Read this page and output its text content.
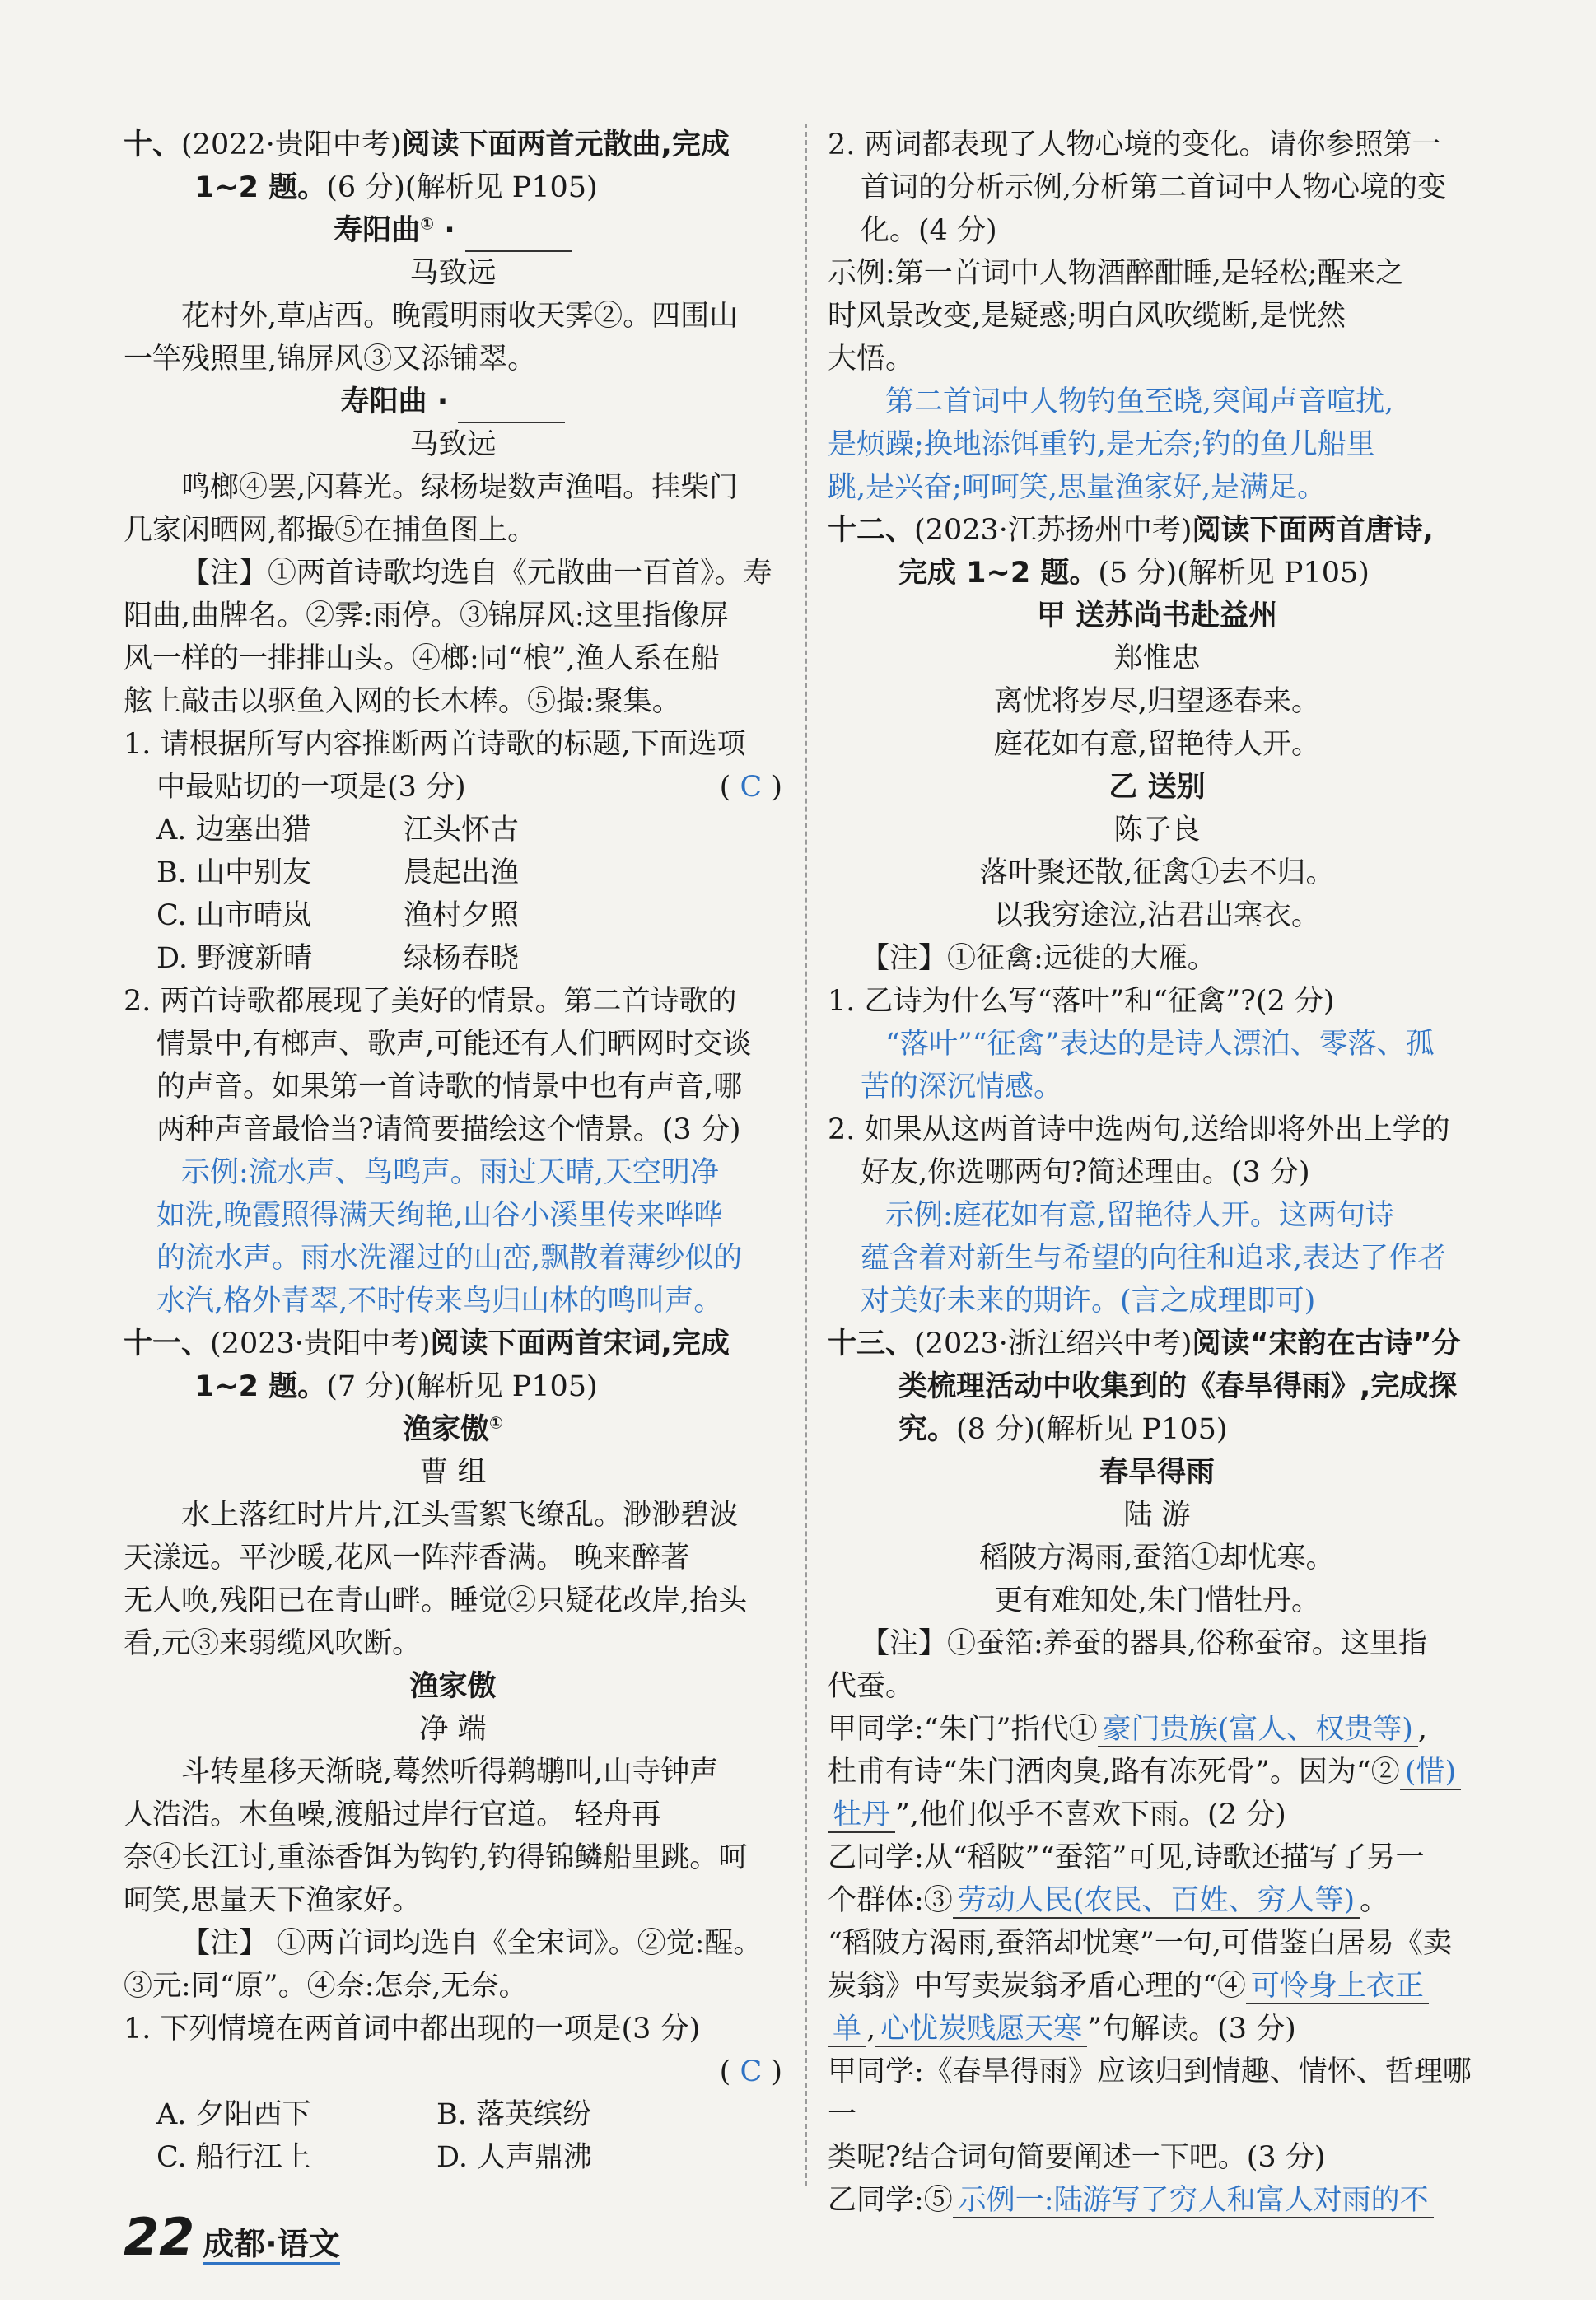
十、(2022·贵阳中考)阅读下面两首元散曲,完成

1~2 题。(6 分)(解析见 P105)

寿阳曲① ·

马致远

花村外,草店西。晚霞明雨收天霁②。四围山

一竿残照里,锦屏风③又添铺翠。

寿阳曲 ·

马致远

鸣榔④罢,闪暮光。绿杨堤数声渔唱。挂柴门

几家闲晒网,都撮⑤在捕鱼图上。

【注】①两首诗歌均选自《元散曲一百首》。寿

阳曲,曲牌名。②霁:雨停。③锦屏风:这里指像屏

风一样的一排排山头。④榔:同“桹”,渔人系在船

舷上敲击以驱鱼入网的长木棒。⑤撮:聚集。

1. 请根据所写内容推断两首诗歌的标题,下面选项

中最贴切的一项是(3 分)	( C )

A. 边塞出猎	江头怀古
B. 山中别友	晨起出渔
C. 山市晴岚	渔村夕照
D. 野渡新晴	绿杨春晓

2. 两首诗歌都展现了美好的情景。第二首诗歌的

情景中,有榔声、歌声,可能还有人们晒网时交谈

的声音。如果第一首诗歌的情景中也有声音,哪

两种声音最恰当?请简要描绘这个情景。(3 分)

示例:流水声、鸟鸣声。雨过天晴,天空明净

如洗,晚霞照得满天绚艳,山谷小溪里传来哗哗

的流水声。雨水洗濯过的山峦,飘散着薄纱似的

水汽,格外青翠,不时传来鸟归山林的鸣叫声。

十一、(2023·贵阳中考)阅读下面两首宋词,完成

1~2 题。(7 分)(解析见 P105)

渔家傲①

曹 组

水上落红时片片,江头雪絮飞缭乱。渺渺碧波

天漾远。平沙暖,花风一阵萍香满。 晚来醉著

无人唤,残阳已在青山畔。睡觉②只疑花改岸,抬头

看,元③来弱缆风吹断。

渔家傲

净 端

斗转星移天渐晓,蓦然听得鹈鹕叫,山寺钟声

人浩浩。木鱼噪,渡船过岸行官道。 轻舟再

奈④长江讨,重添香饵为钩钓,钓得锦鳞船里跳。呵

呵笑,思量天下渔家好。

【注】 ①两首词均选自《全宋词》。②觉:醒。

③元:同“原”。④奈:怎奈,无奈。

1. 下列情境在两首词中都出现的一项是(3 分)

( C )

A. 夕阳西下	B. 落英缤纷
C. 船行江上	D. 人声鼎沸

2. 两词都表现了人物心境的变化。请你参照第一

首词的分析示例,分析第二首词中人物心境的变

化。(4 分)

示例:第一首词中人物酒醉酣睡,是轻松;醒来之

时风景改变,是疑惑;明白风吹缆断,是恍然

大悟。

第二首词中人物钓鱼至晓,突闻声音喧扰,

是烦躁;换地添饵重钓,是无奈;钓的鱼儿船里

跳,是兴奋;呵呵笑,思量渔家好,是满足。

十二、(2023·江苏扬州中考)阅读下面两首唐诗,

完成 1~2 题。(5 分)(解析见 P105)

甲 送苏尚书赴益州

郑惟忠

离忧将岁尽,归望逐春来。

庭花如有意,留艳待人开。

乙 送别

陈子良

落叶聚还散,征禽①去不归。

以我穷途泣,沾君出塞衣。

【注】①征禽:远徙的大雁。

1. 乙诗为什么写“落叶”和“征禽”?(2 分)

“落叶”“征禽”表达的是诗人漂泊、零落、孤

苦的深沉情感。

2. 如果从这两首诗中选两句,送给即将外出上学的

好友,你选哪两句?简述理由。(3 分)

示例:庭花如有意,留艳待人开。这两句诗

蕴含着对新生与希望的向往和追求,表达了作者

对美好未来的期许。(言之成理即可)

十三、(2023·浙江绍兴中考)阅读“宋韵在古诗”分

类梳理活动中收集到的《春旱得雨》,完成探

究。(8 分)(解析见 P105)

春旱得雨

陆 游

稻陂方渴雨,蚕箔①却忧寒。

更有难知处,朱门惜牡丹。

【注】①蚕箔:养蚕的器具,俗称蚕帘。这里指

代蚕。

甲同学:“朱门”指代① 豪门贵族(富人、权贵等) ,

杜甫有诗“朱门酒肉臭,路有冻死骨”。因为“② (惜)

牡丹 ”,他们似乎不喜欢下雨。(2 分)

乙同学:从“稻陂”“蚕箔”可见,诗歌还描写了另一

个群体:③ 劳动人民(农民、百姓、穷人等) 。

“稻陂方渴雨,蚕箔却忧寒”一句,可借鉴白居易《卖

炭翁》中写卖炭翁矛盾心理的“④ 可怜身上衣正

单 , 心忧炭贱愿天寒 ”句解读。(3 分)

甲同学:《春旱得雨》应该归到情趣、情怀、哲理哪一

类呢?结合词句简要阐述一下吧。(3 分)

乙同学:⑤ 示例一:陆游写了穷人和富人对雨的不

22 成都·语文
